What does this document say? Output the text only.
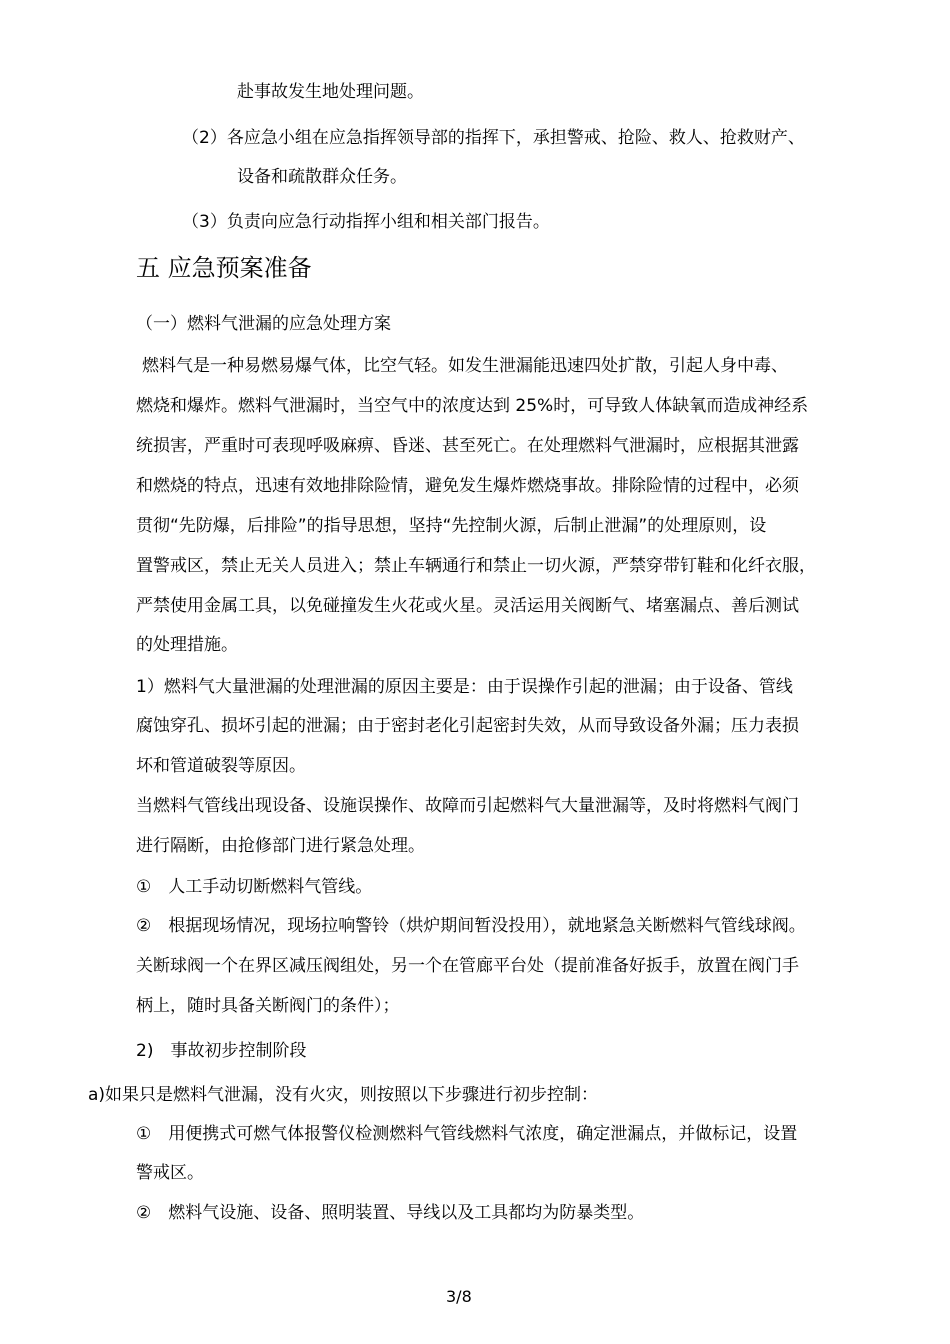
赴事故发生地处理问题。
（2）各应急小组在应急指挥领导部的指挥下，承担警戒、抢险、救人、抢救财产、
设备和疏散群众任务。
（3）负责向应急行动指挥小组和相关部门报告。
五 应急预案准备
（一）燃料气泄漏的应急处理方案
燃料气是一种易燃易爆气体，比空气轻。如发生泄漏能迅速四处扩散，引起人身中毒、
燃烧和爆炸。燃料气泄漏时，当空气中的浓度达到 25%时，可导致人体缺氧而造成神经系
统损害，严重时可表现呼吸麻痹、昏迷、甚至死亡。在处理燃料气泄漏时，应根据其泄露
和燃烧的特点，迅速有效地排除险情，避免发生爆炸燃烧事故。排除险情的过程中，必须
贯彻“先防爆，后排险”的指导思想，坚持“先控制火源，后制止泄漏”的处理原则，设
置警戒区，禁止无关人员进入；禁止车辆通行和禁止一切火源，严禁穿带钉鞋和化纤衣服，
严禁使用金属工具，以免碰撞发生火花或火星。灵活运用关阀断气、堵塞漏点、善后测试
的处理措施。
1）燃料气大量泄漏的处理泄漏的原因主要是：由于误操作引起的泄漏；由于设备、管线
腐蚀穿孔、损坏引起的泄漏；由于密封老化引起密封失效，从而导致设备外漏；压力表损
坏和管道破裂等原因。
当燃料气管线出现设备、设施误操作、故障而引起燃料气大量泄漏等，及时将燃料气阀门
进行隔断，由抢修部门进行紧急处理。
①　人工手动切断燃料气管线。
②　根据现场情况，现场拉响警铃（烘炉期间暂没投用），就地紧急关断燃料气管线球阀。
关断球阀一个在界区减压阀组处，另一个在管廊平台处（提前准备好扳手，放置在阀门手
柄上，随时具备关断阀门的条件）；
2)　事故初步控制阶段
a)如果只是燃料气泄漏，没有火灾，则按照以下步骤进行初步控制：
①　用便携式可燃气体报警仪检测燃料气管线燃料气浓度，确定泄漏点，并做标记，设置
警戒区。
②　燃料气设施、设备、照明装置、导线以及工具都均为防暴类型。
3/8
